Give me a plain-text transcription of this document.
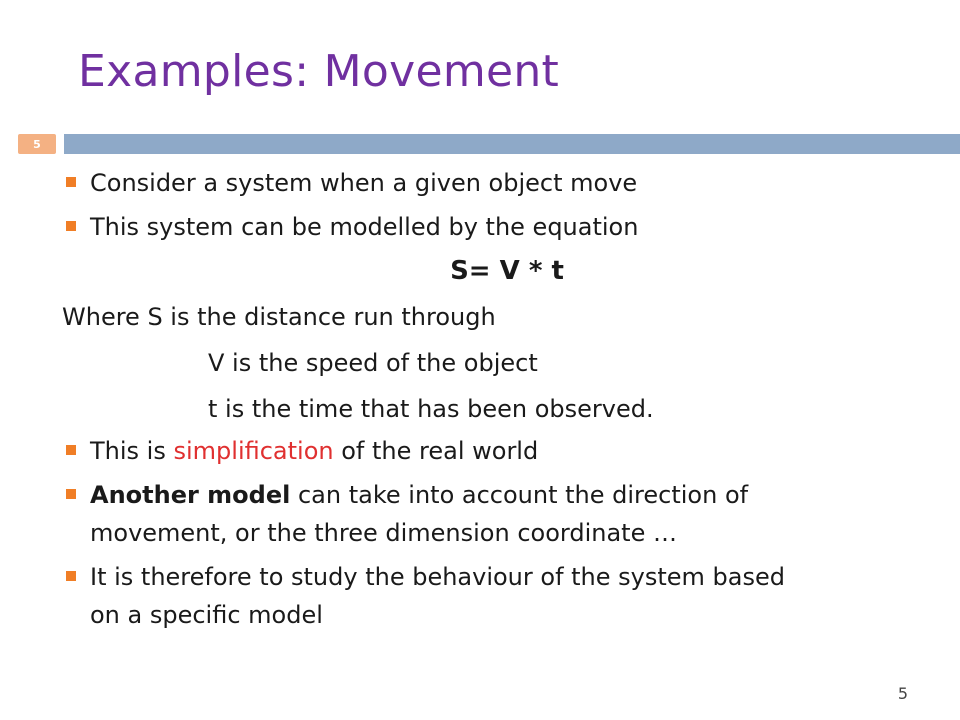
Examples: Movement
5
Consider a system when a given object move
This system can be modelled by the equation
S= V * t
Where S is the distance run through
V is the speed of the object
t is the time that has been observed.
This is simplification of the real world
Another model can take into account the direction of
movement, or the three dimension coordinate …
It is therefore to study the behaviour of the system based
on a specific model
5
